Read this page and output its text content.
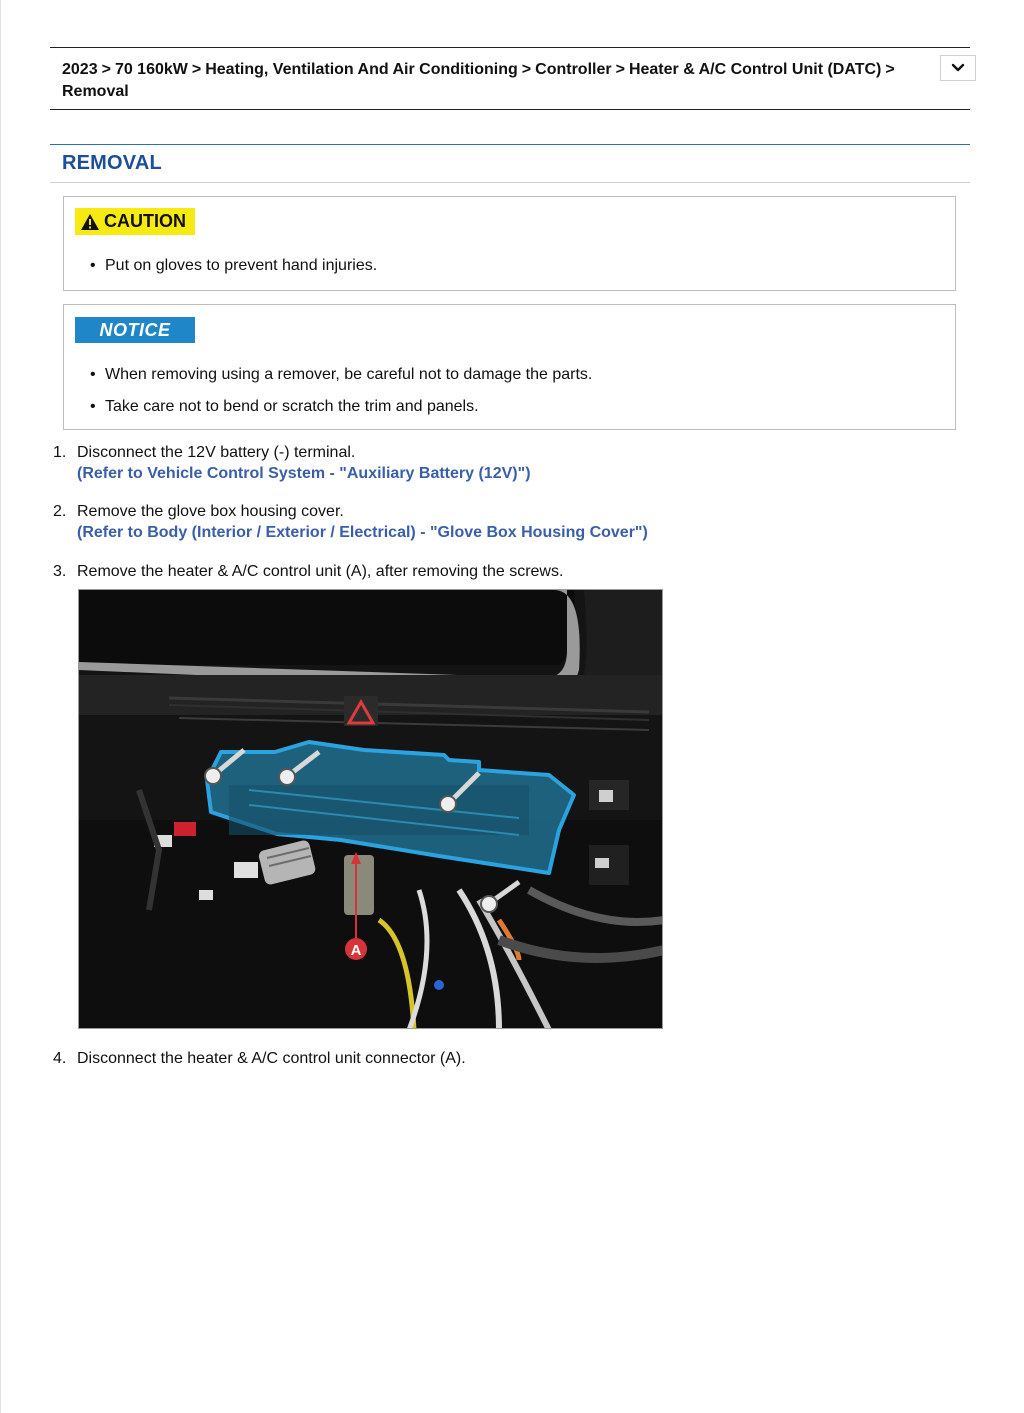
2023 > 70 160kW > Heating, Ventilation And Air Conditioning > Controller > Heater & A/C Control Unit (DATC) >
Removal
REMOVAL
CAUTION
• Put on gloves to prevent hand injuries.
NOTICE
• When removing using a remover, be careful not to damage the parts.
• Take care not to bend or scratch the trim and panels.
1. Disconnect the 12V battery (-) terminal.
(Refer to Vehicle Control System - "Auxiliary Battery (12V)")
2. Remove the glove box housing cover.
(Refer to Body (Interior / Exterior / Electrical) - "Glove Box Housing Cover")
3. Remove the heater & A/C control unit (A), after removing the screws.
A
4. Disconnect the heater & A/C control unit connector (A).
